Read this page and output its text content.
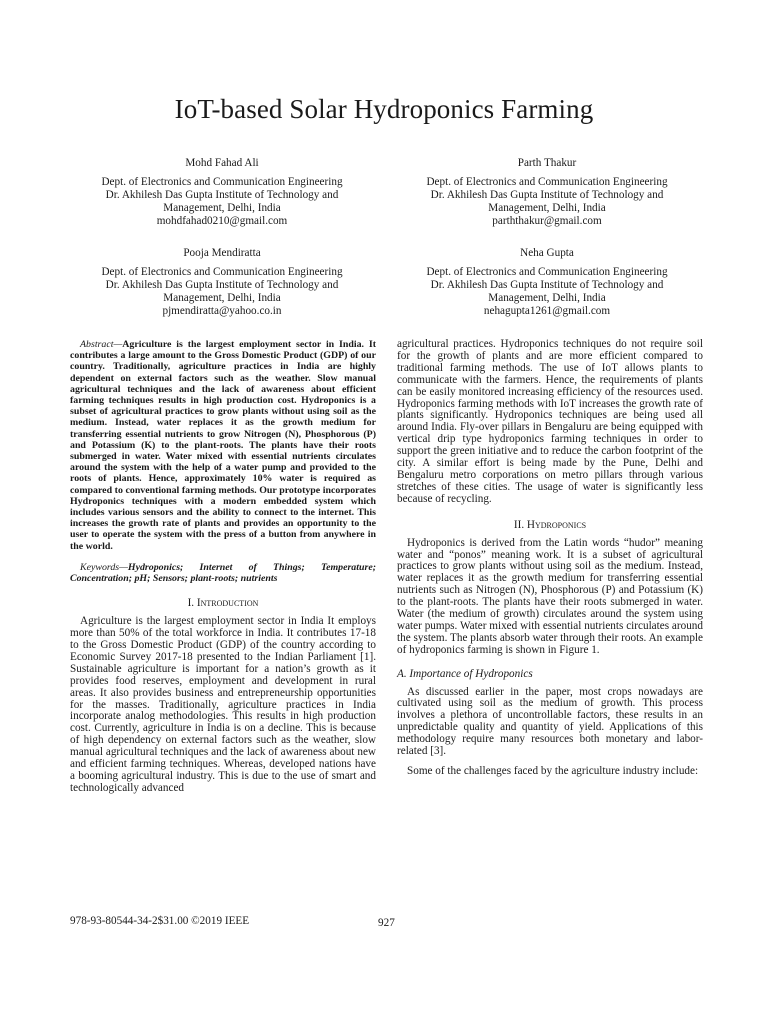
IoT-based Solar Hydroponics Farming
Mohd Fahad Ali
Dept. of Electronics and Communication Engineering
Dr. Akhilesh Das Gupta Institute of Technology and
Management, Delhi, India
mohdfahad0210@gmail.com
Parth Thakur
Dept. of Electronics and Communication Engineering
Dr. Akhilesh Das Gupta Institute of Technology and
Management, Delhi, India
parththakur@gmail.com
Pooja Mendiratta
Dept. of Electronics and Communication Engineering
Dr. Akhilesh Das Gupta Institute of Technology and
Management, Delhi, India
pjmendiratta@yahoo.co.in
Neha Gupta
Dept. of Electronics and Communication Engineering
Dr. Akhilesh Das Gupta Institute of Technology and
Management, Delhi, India
nehagupta1261@gmail.com

Abstract—Agriculture is the largest employment sector in India. It contributes a large amount to the Gross Domestic Product (GDP) of our country. Traditionally, agriculture practices in India are highly dependent on external factors such as the weather. Slow manual agricultural techniques and the lack of awareness about efficient farming techniques results in high production cost. Hydroponics is a subset of agricultural practices to grow plants without using soil as the medium. Instead, water replaces it as the growth medium for transferring essential nutrients to grow Nitrogen (N), Phosphorous (P) and Potassium (K) to the plant-roots. The plants have their roots submerged in water. Water mixed with essential nutrients circulates around the system with the help of a water pump and provided to the roots of plants. Hence, approximately 10% water is required as compared to conventional farming methods. Our prototype incorporates Hydroponics techniques with a modern embedded system which includes various sensors and the ability to connect to the internet. This increases the growth rate of plants and provides an opportunity to the user to operate the system with the press of a button from anywhere in the world.

Keywords—Hydroponics; Internet of Things; Temperature; Concentration; pH; Sensors; plant-roots; nutrients

I. Introduction

Agriculture is the largest employment sector in India It employs more than 50% of the total workforce in India. It contributes 17-18 to the Gross Domestic Product (GDP) of the country according to Economic Survey 2017-18 presented to the Indian Parliament [1]. Sustainable agriculture is important for a nation’s growth as it provides food reserves, employment and development in rural areas. It also provides business and entrepreneurship opportunities for the masses. Traditionally, agriculture practices in India incorporate analog methodologies. This results in high production cost. Currently, agriculture in India is on a decline. This is because of high dependency on external factors such as the weather, slow manual agricultural techniques and the lack of awareness about new and efficient farming techniques. Whereas, developed nations have a booming agricultural industry. This is due to the use of smart and technologically advanced

agricultural practices. Hydroponics techniques do not require soil for the growth of plants and are more efficient compared to traditional farming methods. The use of IoT allows plants to communicate with the farmers. Hence, the requirements of plants can be easily monitored increasing efficiency of the resources used. Hydroponics farming methods with IoT increases the growth rate of plants significantly. Hydroponics techniques are being used all around India. Fly-over pillars in Bengaluru are being equipped with vertical drip type hydroponics farming techniques in order to support the green initiative and to reduce the carbon footprint of the city. A similar effort is being made by the Pune, Delhi and Bengaluru metro corporations on metro pillars through various stretches of these cities. The usage of water is significantly less because of recycling.

II. Hydroponics

Hydroponics is derived from the Latin words “hudor” meaning water and “ponos” meaning work. It is a subset of agricultural practices to grow plants without using soil as the medium. Instead, water replaces it as the growth medium for transferring essential nutrients such as Nitrogen (N), Phosphorous (P) and Potassium (K) to the plant-roots. The plants have their roots submerged in water. Water (the medium of growth) circulates around the system using water pumps. Water mixed with essential nutrients circulates around the system. The plants absorb water through their roots. An example of hydroponics farming is shown in Figure 1.

A. Importance of Hydroponics

As discussed earlier in the paper, most crops nowadays are cultivated using soil as the medium of growth. This process involves a plethora of uncontrollable factors, these results in an unpredictable quality and quantity of yield. Applications of this methodology require many resources both monetary and labor-related [3].

Some of the challenges faced by the agriculture industry include:

978-93-80544-34-2$31.00 ©2019 IEEE	927
